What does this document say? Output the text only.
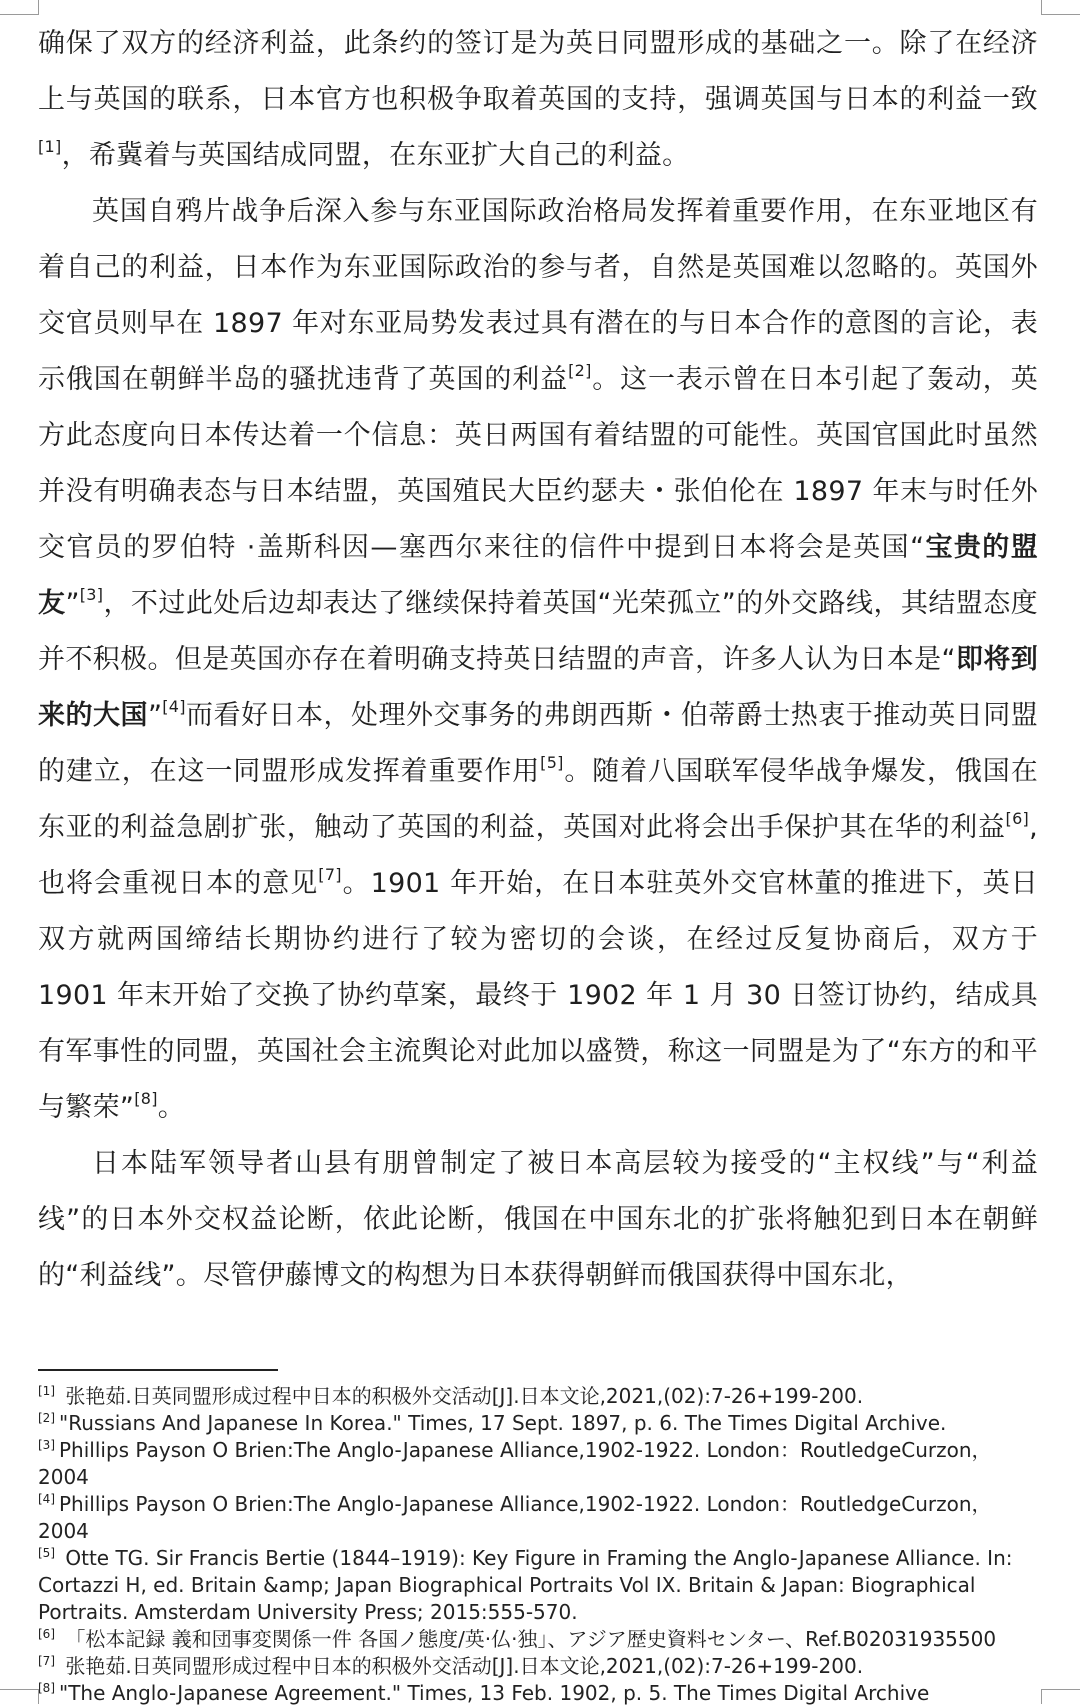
确保了双方的经济利益，此条约的签订是为英日同盟形成的基础之一。除了在经济上与英国的联系，日本官方也积极争取着英国的支持，强调英国与日本的利益一致[1]，希冀着与英国结成同盟，在东亚扩大自己的利益。

英国自鸦片战争后深入参与东亚国际政治格局发挥着重要作用，在东亚地区有着自己的利益，日本作为东亚国际政治的参与者，自然是英国难以忽略的。英国外交官员则早在 1897 年对东亚局势发表过具有潜在的与日本合作的意图的言论，表示俄国在朝鲜半岛的骚扰违背了英国的利益[2]。这一表示曾在日本引起了轰动，英方此态度向日本传达着一个信息：英日两国有着结盟的可能性。英国官国此时虽然并没有明确表态与日本结盟，英国殖民大臣约瑟夫・张伯伦在 1897 年末与时任外交官员的罗伯特 ·盖斯科因—塞西尔来往的信件中提到日本将会是英国“宝贵的盟友”[3]，不过此处后边却表达了继续保持着英国“光荣孤立”的外交路线，其结盟态度并不积极。但是英国亦存在着明确支持英日结盟的声音，许多人认为日本是“即将到来的大国”[4]而看好日本，处理外交事务的弗朗西斯・伯蒂爵士热衷于推动英日同盟的建立，在这一同盟形成发挥着重要作用[5]。随着八国联军侵华战争爆发，俄国在东亚的利益急剧扩张，触动了英国的利益，英国对此将会出手保护其在华的利益[6],也将会重视日本的意见[7]。1901 年开始，在日本驻英外交官林董的推进下，英日双方就两国缔结长期协约进行了较为密切的会谈，在经过反复协商后，双方于 1901 年末开始了交换了协约草案，最终于 1902 年 1 月 30 日签订协约，结成具有军事性的同盟，英国社会主流舆论对此加以盛赞，称这一同盟是为了“东方的和平与繁荣”[8]。

日本陆军领导者山县有朋曾制定了被日本高层较为接受的“主权线”与“利益线”的日本外交权益论断，依此论断，俄国在中国东北的扩张将触犯到日本在朝鲜的“利益线”。尽管伊藤博文的构想为日本获得朝鲜而俄国获得中国东北，

[1] 张艳茹.日英同盟形成过程中日本的积极外交活动[J].日本文论,2021,(02):7-26+199-200.

[2] "Russians And Japanese In Korea." Times, 17 Sept. 1897, p. 6. The Times Digital Archive.

[3] Phillips Payson O Brien:The Anglo-Japanese Alliance,1902-1922. London：RoutledgeCurzon，2004

[4] Phillips Payson O Brien:The Anglo-Japanese Alliance,1902-1922. London：RoutledgeCurzon，2004

[5] Otte TG. Sir Francis Bertie (1844–1919): Key Figure in Framing the Anglo-Japanese Alliance. In: Cortazzi H, ed. Britain &amp; Japan Biographical Portraits Vol IX. Britain & Japan: Biographical Portraits. Amsterdam University Press; 2015:555-570.

[6] 「松本記録 義和団事変関係一件 各国ノ態度/英·仏·独」、アジア歴史資料センター、Ref.B02031935500

[7] 张艳茹.日英同盟形成过程中日本的积极外交活动[J].日本文论,2021,(02):7-26+199-200.

[8] "The Anglo-Japanese Agreement." Times, 13 Feb. 1902, p. 5. The Times Digital Archive
